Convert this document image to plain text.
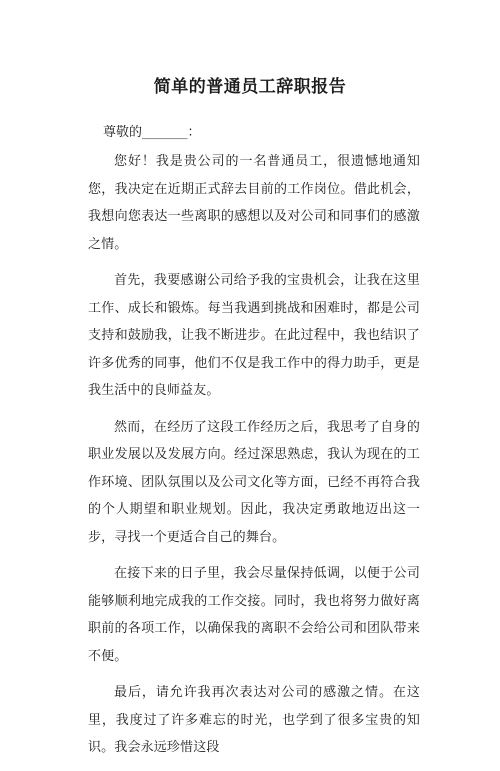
简单的普通员工辞职报告
尊敬的_______：

您好！我是贵公司的一名普通员工，很遗憾地通知您，我决定在近期正式辞去目前的工作岗位。借此机会，我想向您表达一些离职的感想以及对公司和同事们的感激之情。

首先，我要感谢公司给予我的宝贵机会，让我在这里工作、成长和锻炼。每当我遇到挑战和困难时，都是公司支持和鼓励我，让我不断进步。在此过程中，我也结识了许多优秀的同事，他们不仅是我工作中的得力助手，更是我生活中的良师益友。

然而，在经历了这段工作经历之后，我思考了自身的职业发展以及发展方向。经过深思熟虑，我认为现在的工作环境、团队氛围以及公司文化等方面，已经不再符合我的个人期望和职业规划。因此，我决定勇敢地迈出这一步，寻找一个更适合自己的舞台。

在接下来的日子里，我会尽量保持低调，以便于公司能够顺利地完成我的工作交接。同时，我也将努力做好离职前的各项工作，以确保我的离职不会给公司和团队带来不便。

最后，请允许我再次表达对公司的感激之情。在这里，我度过了许多难忘的时光，也学到了很多宝贵的知识。我会永远珍惜这段
